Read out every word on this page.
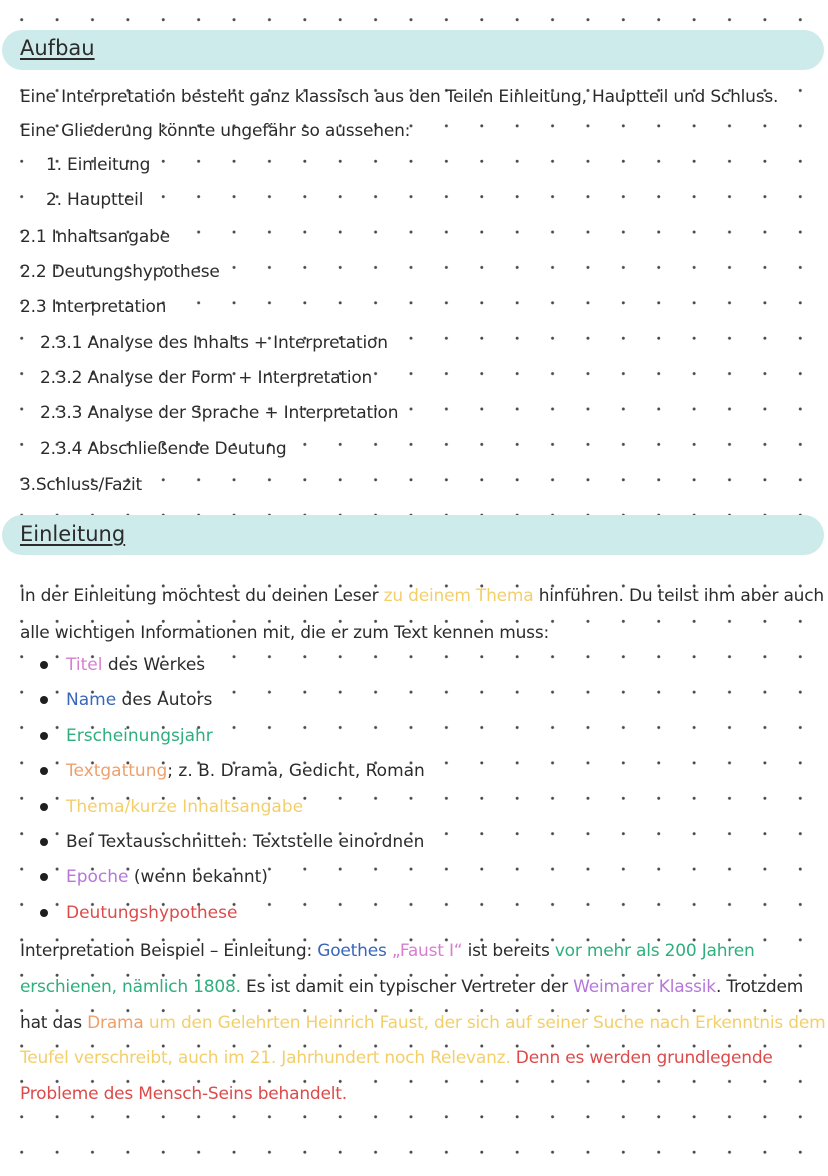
Aufbau
Eine Interpretation besteht ganz klassisch aus den Teilen Einleitung, Hauptteil und Schluss.
Eine Gliederung könnte ungefähr so aussehen:
1. Einleitung
2. Hauptteil
2.1 Inhaltsangabe
2.2 Deutungshypothese
2.3 Interpretation
2.3.1 Analyse des Inhalts + Interpretation
2.3.2 Analyse der Form + Interpretation
2.3.3 Analyse der Sprache + Interpretation
2.3.4 Abschließende Deutung
3.Schluss/Fazit
Einleitung
In der Einleitung möchtest du deinen Leser zu deinem Thema hinführen. Du teilst ihm aber auch
alle wichtigen Informationen mit, die er zum Text kennen muss:
Titel des Werkes
Name des Autors
Erscheinungsjahr
Textgattung; z. B. Drama, Gedicht, Roman
Thema/kurze Inhaltsangabe
Bei Textausschnitten: Textstelle einordnen
Epoche (wenn bekannt)
Deutungshypothese
Interpretation Beispiel – Einleitung: Goethes „Faust I“ ist bereits vor mehr als 200 Jahren
erschienen, nämlich 1808. Es ist damit ein typischer Vertreter der Weimarer Klassik. Trotzdem
hat das Drama um den Gelehrten Heinrich Faust, der sich auf seiner Suche nach Erkenntnis dem
Teufel verschreibt, auch im 21. Jahrhundert noch Relevanz. Denn es werden grundlegende
Probleme des Mensch-Seins behandelt.
